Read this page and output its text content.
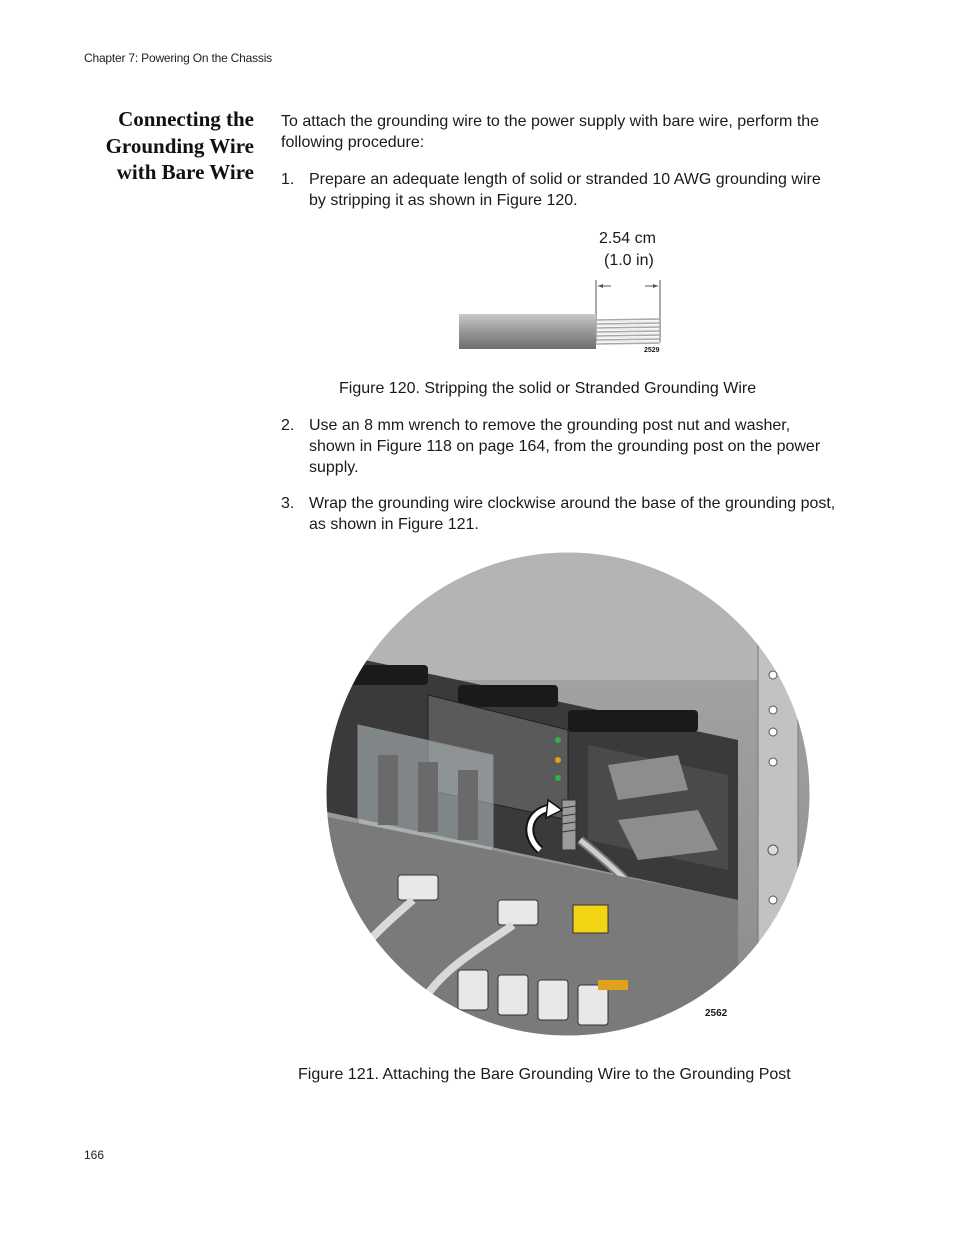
Chapter 7: Powering On the Chassis
Connecting the
Grounding Wire
with Bare Wire
To attach the grounding wire to the power supply with bare wire, perform the following procedure:
1. Prepare an adequate length of solid or stranded 10 AWG grounding wire by stripping it as shown in Figure 120.
2.54 cm
(1.0 in)
2529
Figure 120. Stripping the solid or Stranded Grounding Wire
2. Use an 8 mm wrench to remove the grounding post nut and washer, shown in Figure 118 on page 164, from the grounding post on the power supply.
3. Wrap the grounding wire clockwise around the base of the grounding post, as shown in Figure 121.
2562
Figure 121. Attaching the Bare Grounding Wire to the Grounding Post
166
